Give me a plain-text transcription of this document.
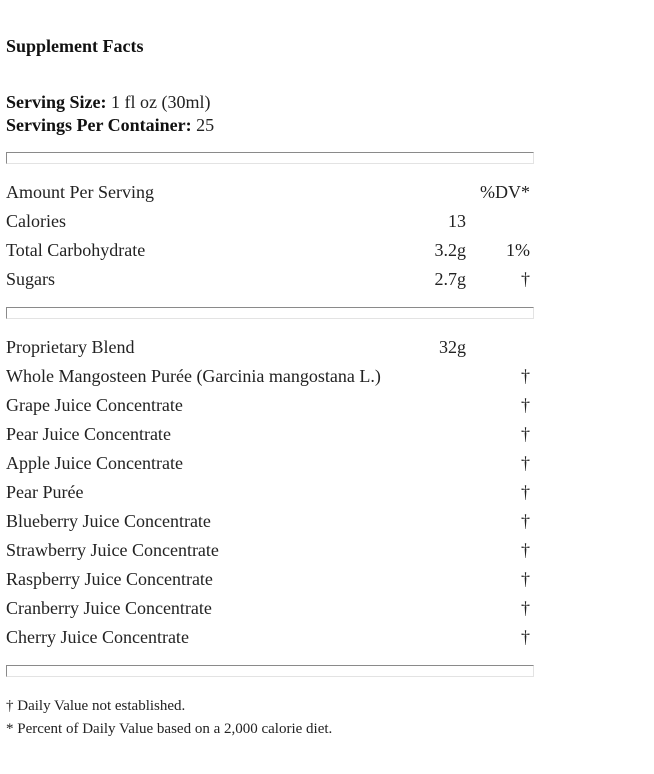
Supplement Facts
Serving Size: 1 fl oz (30ml)
Servings Per Container: 25
Amount Per Serving	%DV*
Calories	13
Total Carbohydrate	3.2g 1%
Sugars	2.7g	†
Proprietary Blend	32g
Whole Mangosteen Purée (Garcinia mangostana L.)	†
Grape Juice Concentrate	†
Pear Juice Concentrate	†
Apple Juice Concentrate	†
Pear Purée	†
Blueberry Juice Concentrate	†
Strawberry Juice Concentrate	†
Raspberry Juice Concentrate	†
Cranberry Juice Concentrate	†
Cherry Juice Concentrate	†
† Daily Value not established.
* Percent of Daily Value based on a 2,000 calorie diet.
